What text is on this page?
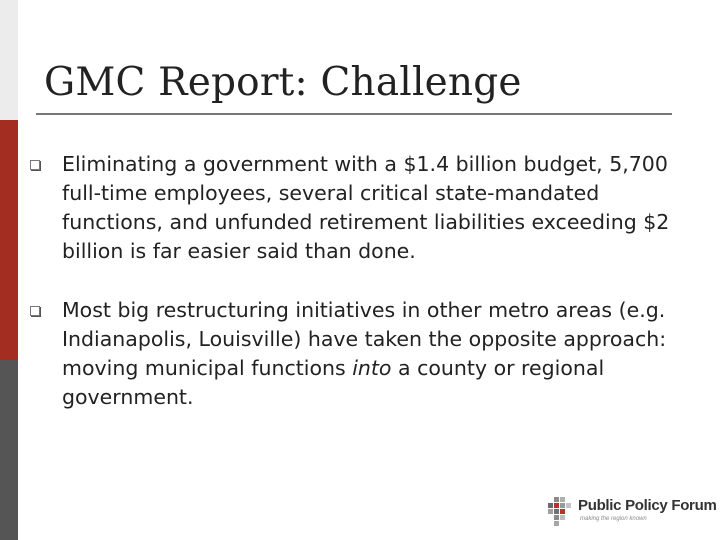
GMC Report: Challenge
Eliminating a government with a $1.4 billion budget, 5,700 full-time employees, several critical state-mandated functions, and unfunded retirement liabilities exceeding $2 billion is far easier said than done.
Most big restructuring initiatives in other metro areas (e.g. Indianapolis, Louisville) have taken the opposite approach: moving municipal functions into a county or regional government.
Public Policy Forum
making the region known
